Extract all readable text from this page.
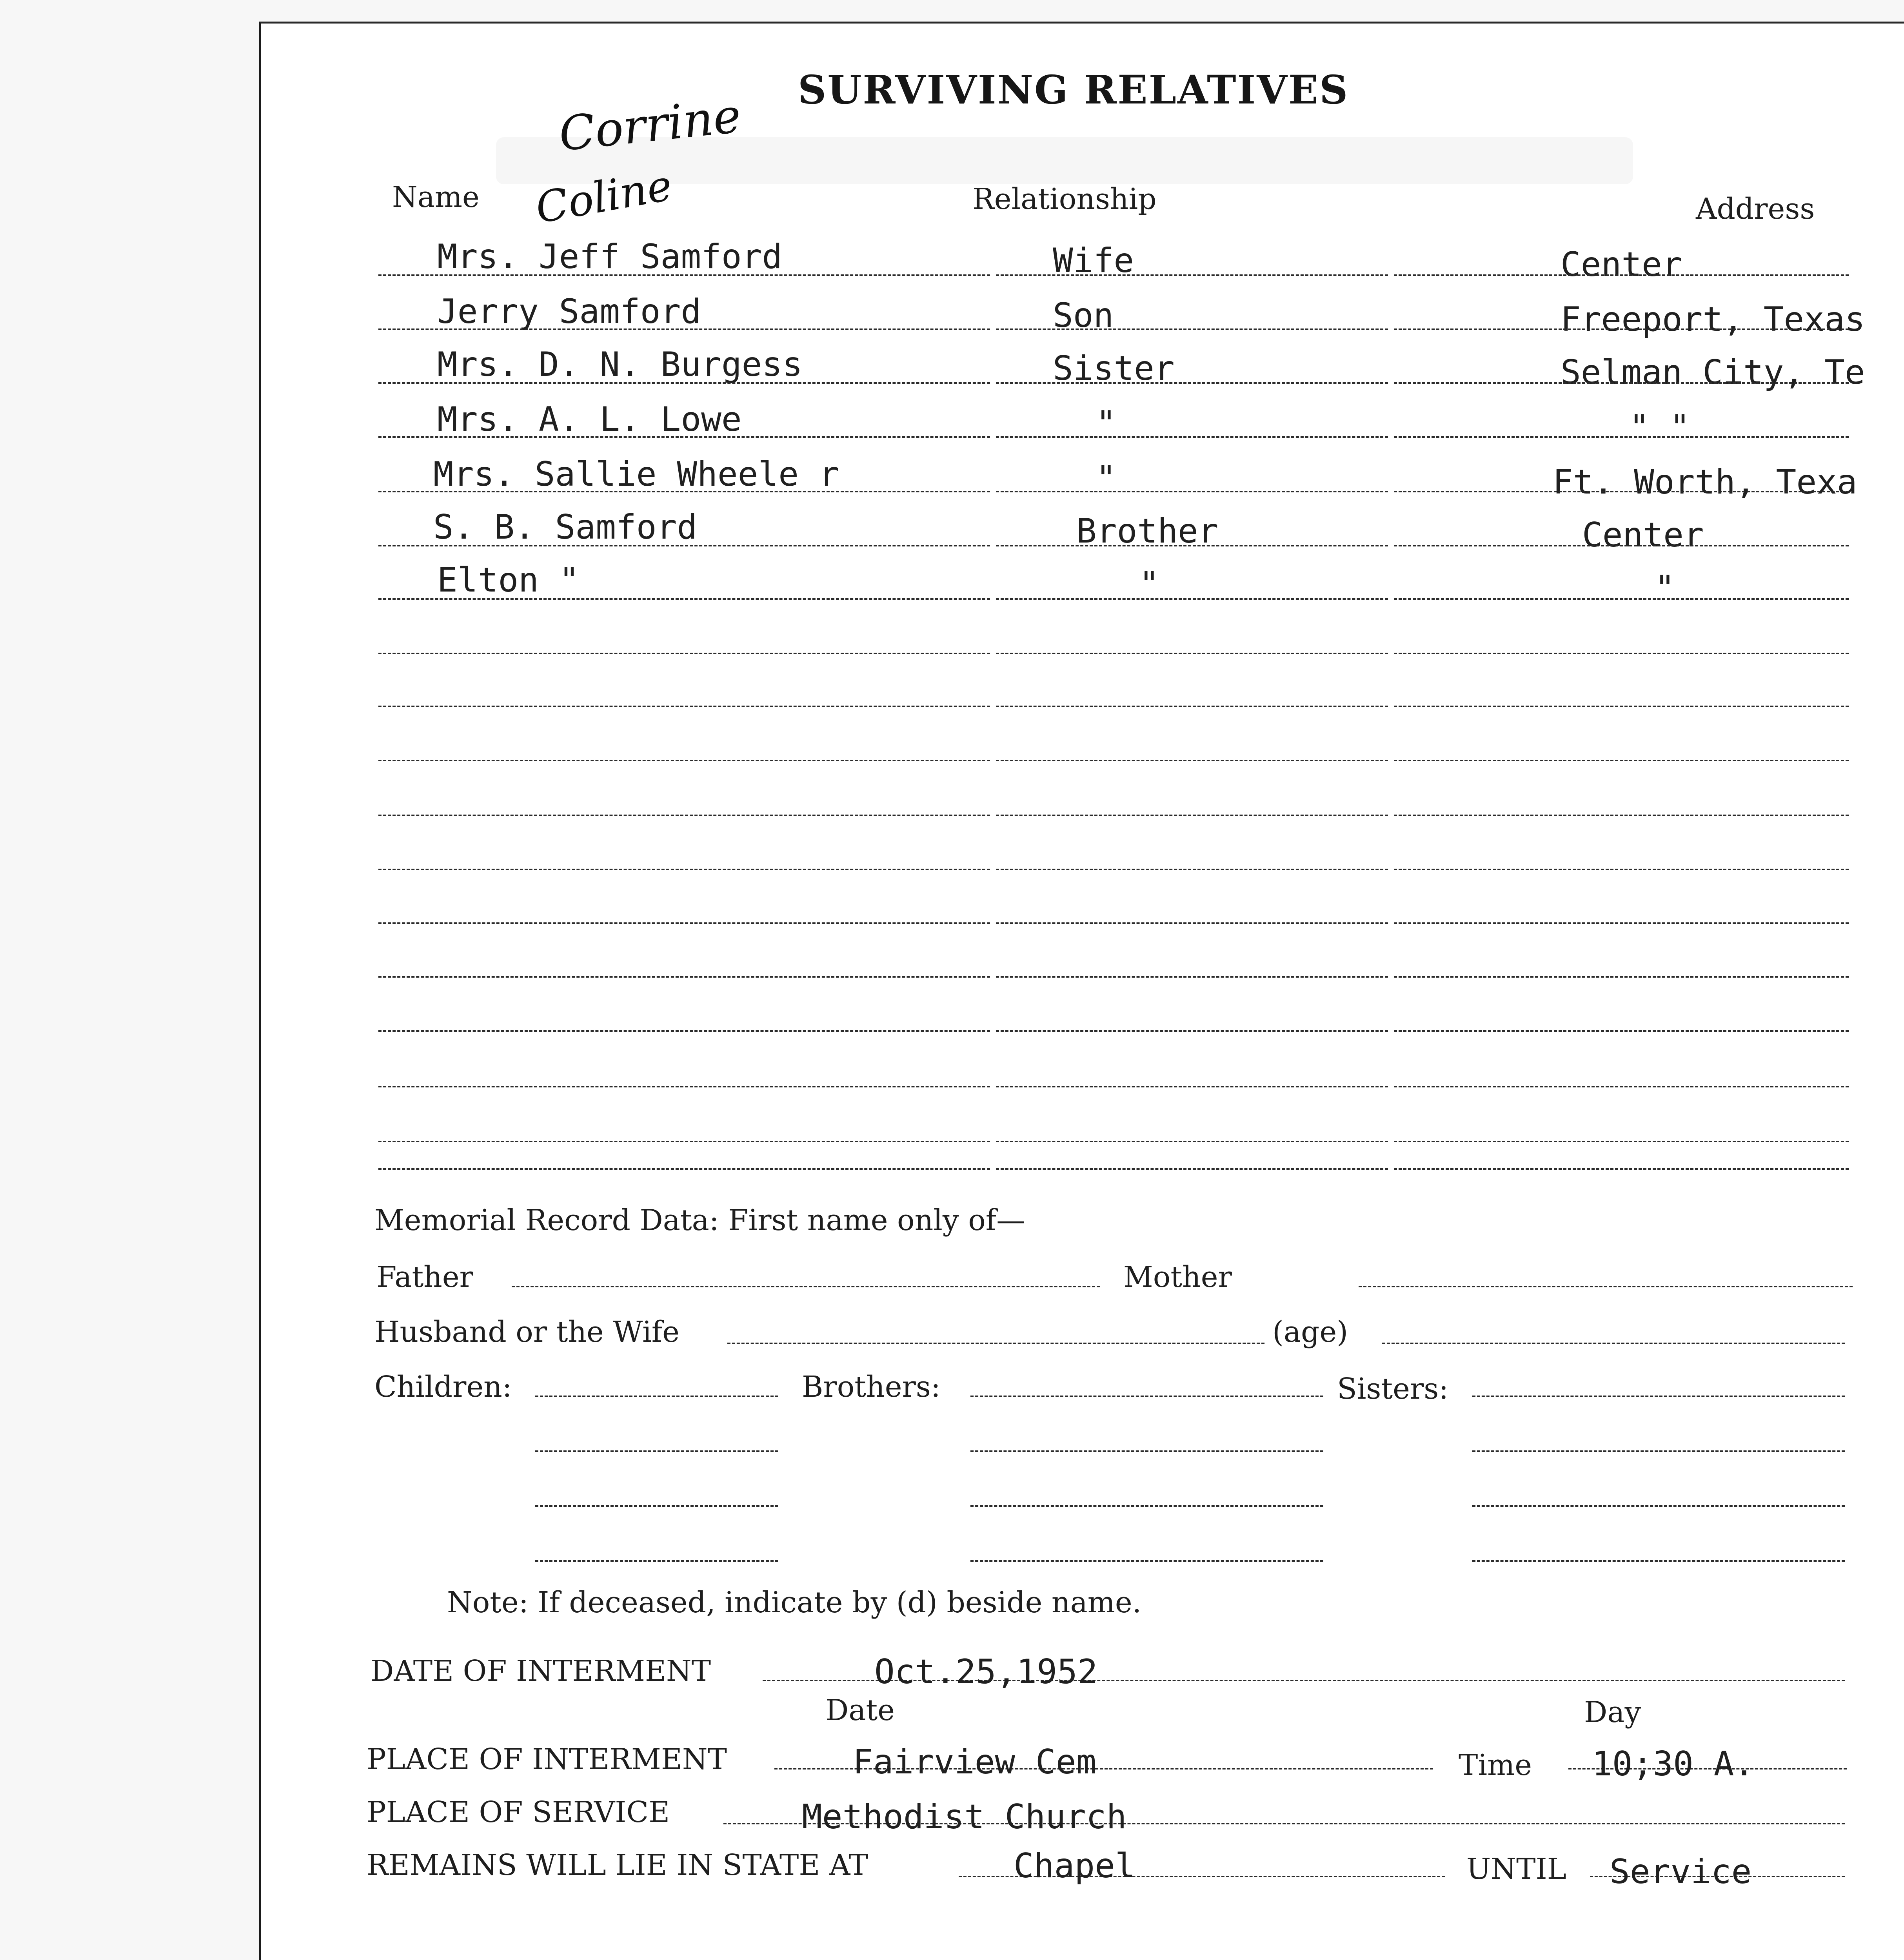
SURVIVING RELATIVES
Corrine
Coline
Name	Relationship	Address
Mrs. Jeff Samford	Wife	Center
Jerry Samford	Son	Freeport, Texas
Mrs. D. N. Burgess	Sister	Selman City, Te
Mrs. A. L. Lowe	"	" "
Mrs. Sallie Wheele r	"	Ft. Worth, Texa
S. B. Samford	Brother	Center
Elton "	"	"
Memorial Record Data: First name only of—
Father	Mother
Husband or the Wife	(age)
Children:	Brothers:	Sisters:
Note: If deceased, indicate by (d) beside name.
DATE OF INTERMENT	Oct.25,1952
Date	Day
PLACE OF INTERMENT	Fairview Cem	Time 10;30 A.
PLACE OF SERVICE	Methodist Church
REMAINS WILL LIE IN STATE AT	Chapel	UNTIL Service
